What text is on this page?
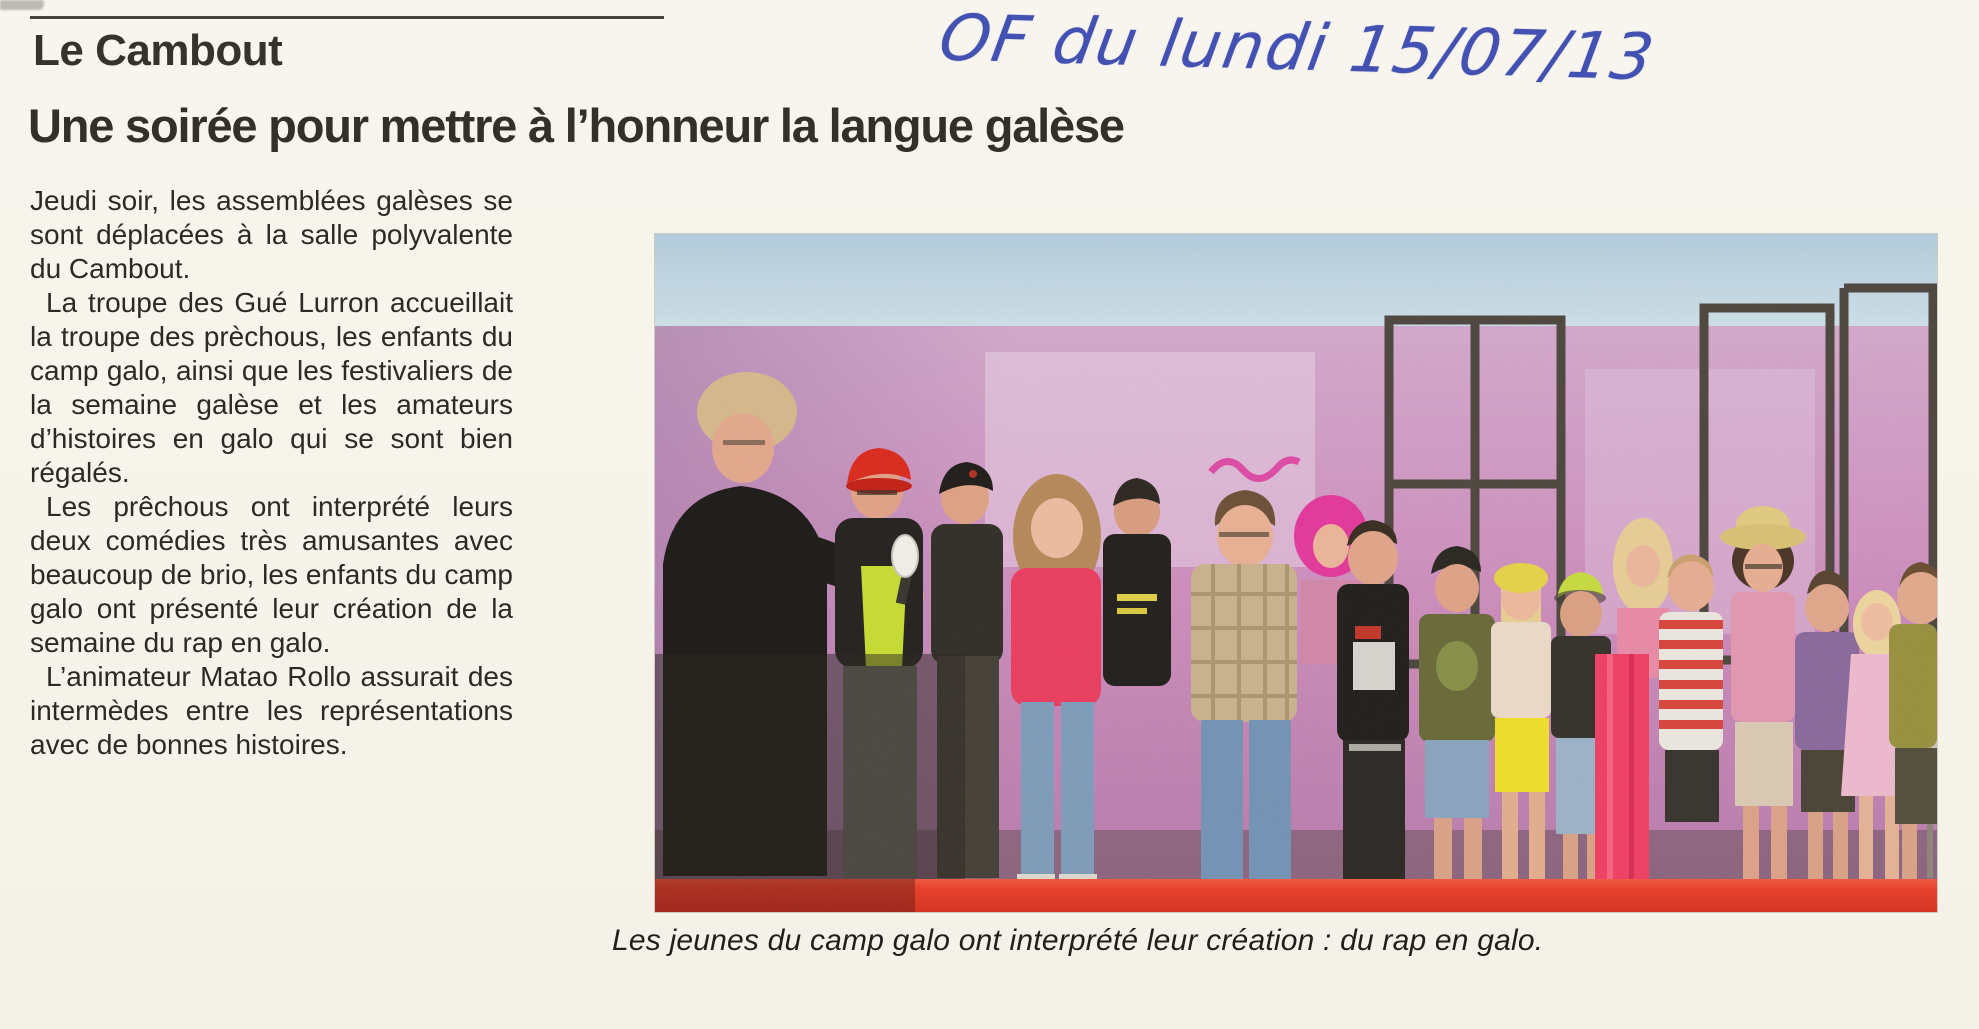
Le Cambout	OF du lundi 15/07/13
Une soirée pour mettre à l’honneur la langue galèse

Jeudi soir, les assemblées galèses se sont déplacées à la salle polyvalente du Cambout.

La troupe des Gué Lurron accueillait la troupe des prèchous, les enfants du camp galo, ainsi que les festivaliers de la semaine galèse et les amateurs d’histoires en galo qui se sont bien régalés.

Les prêchous ont interprété leurs deux comédies très amusantes avec beaucoup de brio, les enfants du camp galo ont présenté leur création de la semaine du rap en galo.

L’animateur Matao Rollo assurait des intermèdes entre les représentations avec de bonnes histoires.

Les jeunes du camp galo ont interprété leur création : du rap en galo.
